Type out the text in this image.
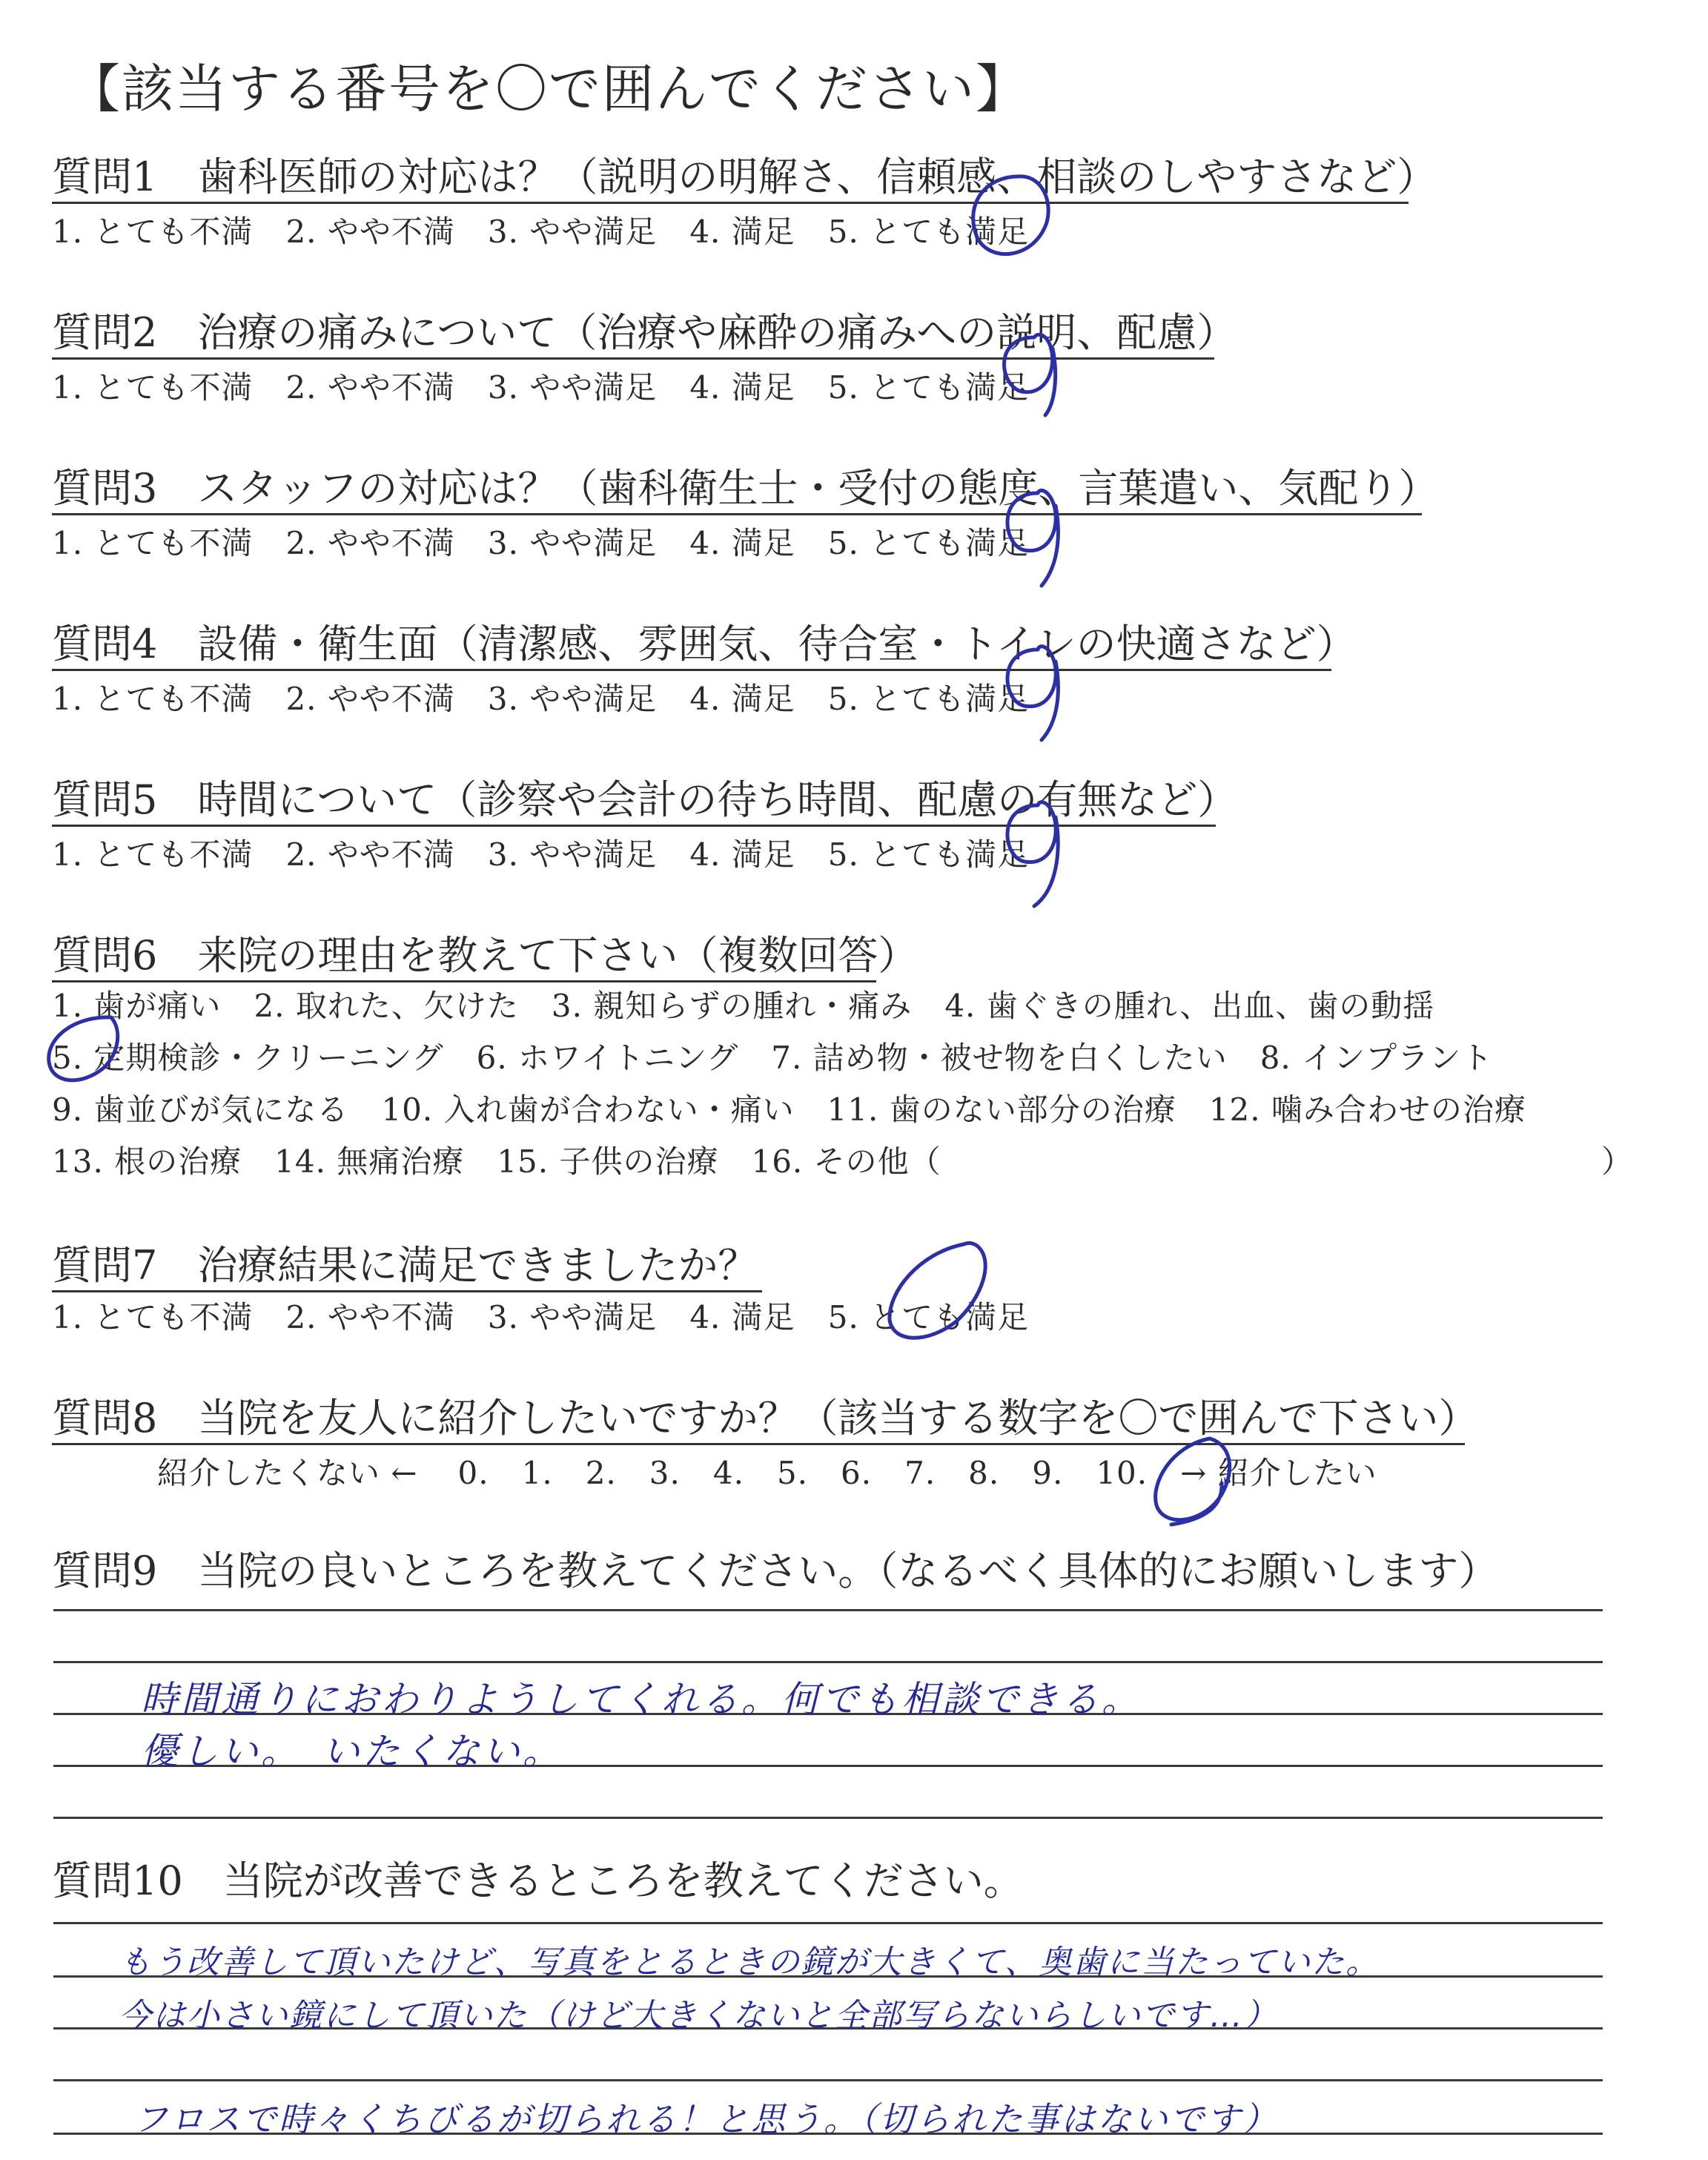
【該当する番号を〇で囲んでください】
質問1　歯科医師の対応は？（説明の明解さ、信頼感、相談のしやすさなど）
1. とても不満 2. やや不満 3. やや満足 4. 満足 5. とても満足
質問2　治療の痛みについて（治療や麻酔の痛みへの説明、配慮）
1. とても不満 2. やや不満 3. やや満足 4. 満足 5. とても満足
質問3　スタッフの対応は？（歯科衛生士・受付の態度、言葉遣い、気配り）
1. とても不満 2. やや不満 3. やや満足 4. 満足 5. とても満足
質問4　設備・衛生面（清潔感、雰囲気、待合室・トイレの快適さなど）
1. とても不満 2. やや不満 3. やや満足 4. 満足 5. とても満足
質問5　時間について（診察や会計の待ち時間、配慮の有無など）
1. とても不満 2. やや不満 3. やや満足 4. 満足 5. とても満足
質問6　来院の理由を教えて下さい（複数回答）
1. 歯が痛い 2. 取れた、欠けた 3. 親知らずの腫れ・痛み 4. 歯ぐきの腫れ、出血、歯の動揺
5. 定期検診・クリーニング 6. ホワイトニング 7. 詰め物・被せ物を白くしたい 8. インプラント
9. 歯並びが気になる 10. 入れ歯が合わない・痛い 11. 歯のない部分の治療 12. 噛み合わせの治療
13. 根の治療 14. 無痛治療 15. 子供の治療 16. その他（	）
質問7　治療結果に満足できましたか？
1. とても不満 2. やや不満 3. やや満足 4. 満足 5. とても満足
質問8　当院を友人に紹介したいですか？（該当する数字を〇で囲んで下さい）
紹介したくない ← 0. 1. 2. 3. 4. 5. 6. 7. 8. 9. 10. → 紹介したい
質問9　当院の良いところを教えてください。（なるべく具体的にお願いします）
時間通りにおわりようしてくれる。何でも相談できる。
優しい。　いたくない。
質問10　当院が改善できるところを教えてください。
もう改善して頂いたけど、写真をとるときの鏡が大きくて、奥歯に当たっていた。
今は小さい鏡にして頂いた（けど大きくないと全部写らないらしいです…）
フロスで時々くちびるが切られる！と思う。（切られた事はないです）
